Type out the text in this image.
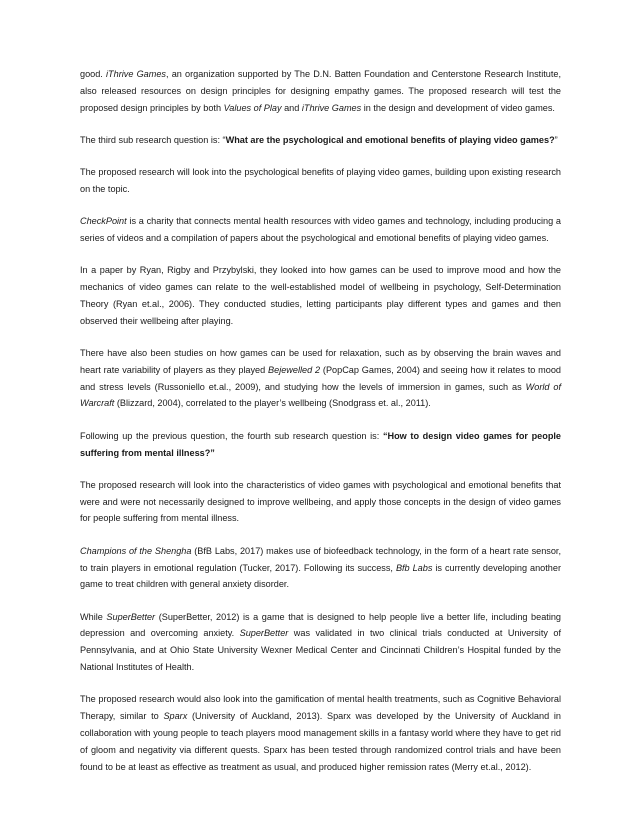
good. iThrive Games, an organization supported by The D.N. Batten Foundation and Centerstone Research Institute, also released resources on design principles for designing empathy games. The proposed research will test the proposed design principles by both Values of Play and iThrive Games in the design and development of video games.

The third sub research question is: “What are the psychological and emotional benefits of playing video games?”

The proposed research will look into the psychological benefits of playing video games, building upon existing research on the topic.

CheckPoint is a charity that connects mental health resources with video games and technology, including producing a series of videos and a compilation of papers about the psychological and emotional benefits of playing video games.

In a paper by Ryan, Rigby and Przybylski, they looked into how games can be used to improve mood and how the mechanics of video games can relate to the well-established model of wellbeing in psychology, Self-Determination Theory (Ryan et.al., 2006). They conducted studies, letting participants play different types and games and then observed their wellbeing after playing.

There have also been studies on how games can be used for relaxation, such as by observing the brain waves and heart rate variability of players as they played Bejewelled 2 (PopCap Games, 2004) and seeing how it relates to mood and stress levels (Russoniello et.al., 2009), and studying how the levels of immersion in games, such as World of Warcraft (Blizzard, 2004), correlated to the player’s wellbeing (Snodgrass et. al., 2011).

Following up the previous question, the fourth sub research question is: “How to design video games for people suffering from mental illness?”

The proposed research will look into the characteristics of video games with psychological and emotional benefits that were and were not necessarily designed to improve wellbeing, and apply those concepts in the design of video games for people suffering from mental illness.

Champions of the Shengha (BfB Labs, 2017) makes use of biofeedback technology, in the form of a heart rate sensor, to train players in emotional regulation (Tucker, 2017). Following its success, Bfb Labs is currently developing another game to treat children with general anxiety disorder.

While SuperBetter (SuperBetter, 2012) is a game that is designed to help people live a better life, including beating depression and overcoming anxiety. SuperBetter was validated in two clinical trials conducted at University of Pennsylvania, and at Ohio State University Wexner Medical Center and Cincinnati Children’s Hospital funded by the National Institutes of Health.

The proposed research would also look into the gamification of mental health treatments, such as Cognitive Behavioral Therapy, similar to Sparx (University of Auckland, 2013). Sparx was developed by the University of Auckland in collaboration with young people to teach players mood management skills in a fantasy world where they have to get rid of gloom and negativity via different quests. Sparx has been tested through randomized control trials and have been found to be at least as effective as treatment as usual, and produced higher remission rates (Merry et.al., 2012).
